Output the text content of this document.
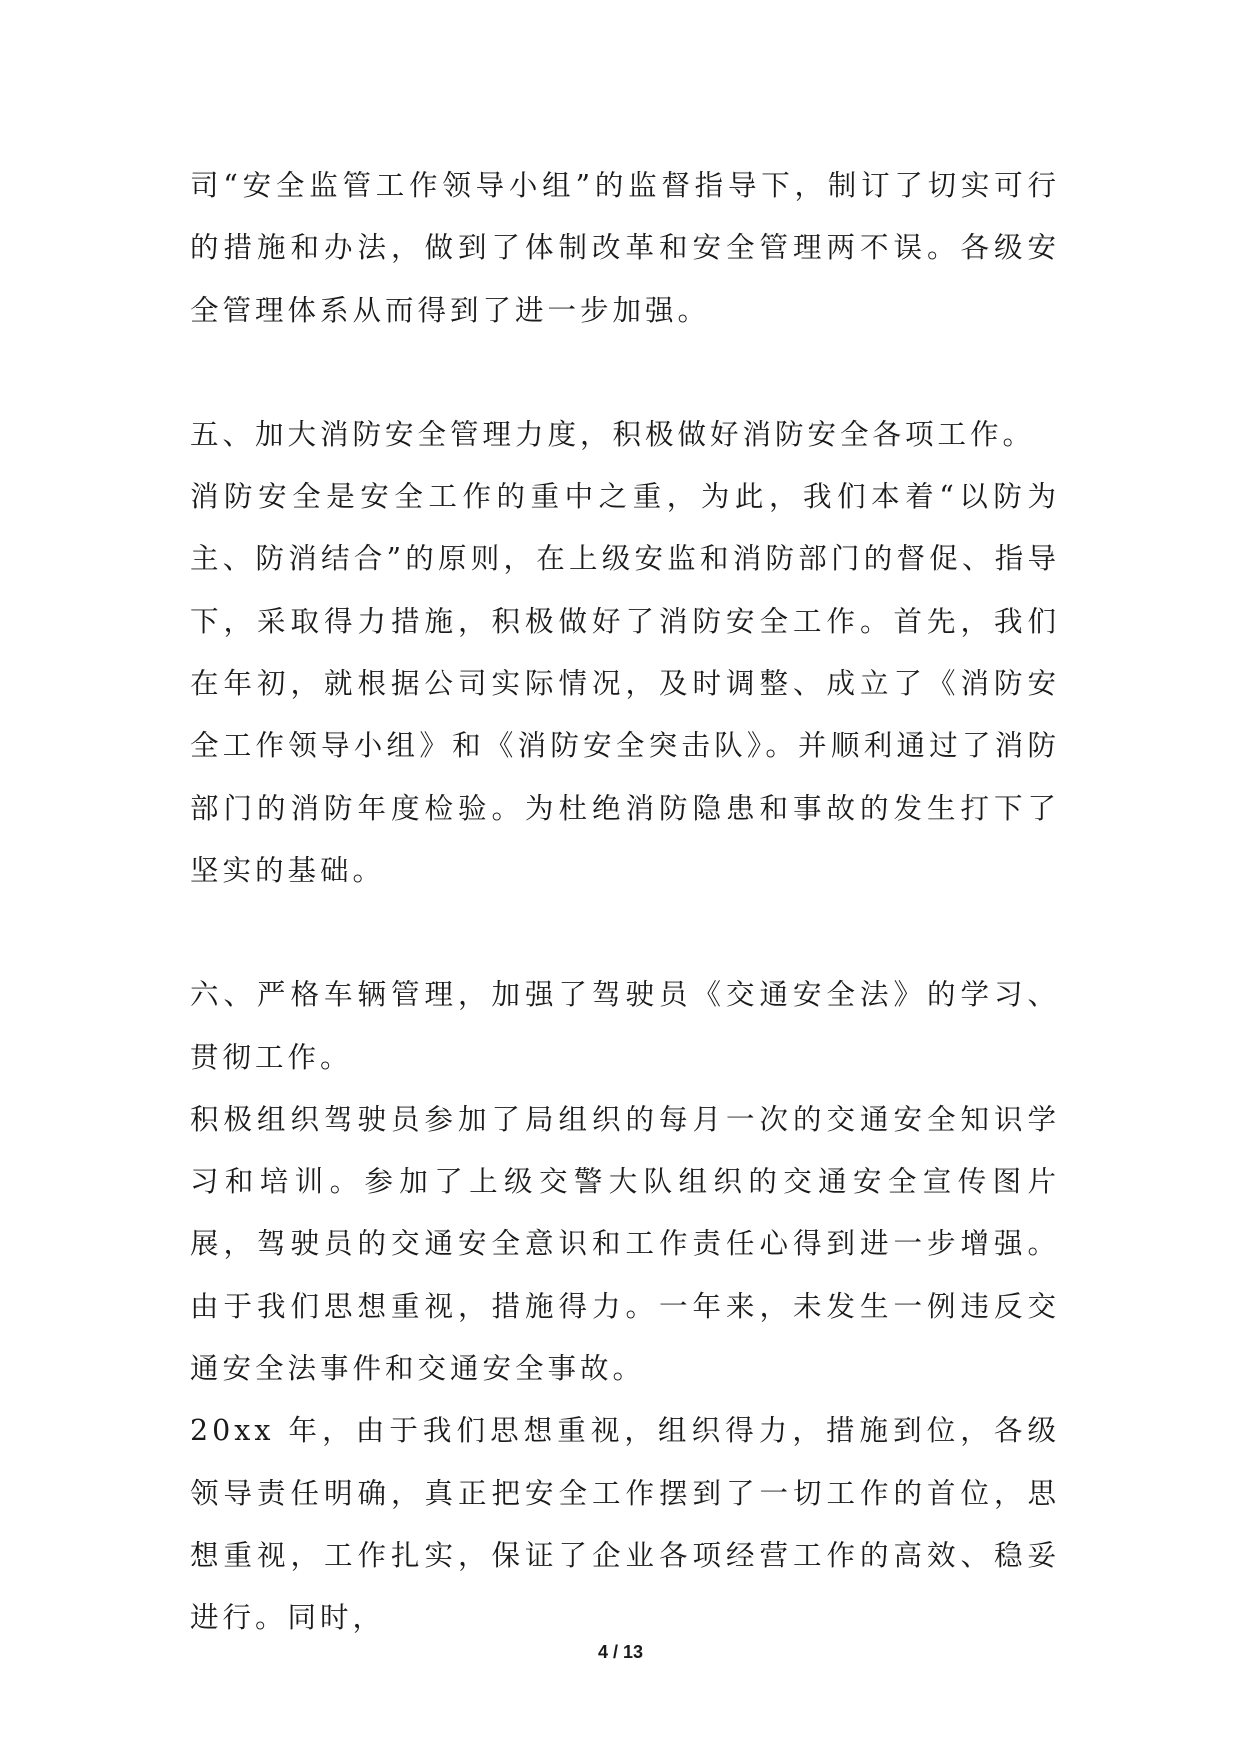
司“安全监管工作领导小组”的监督指导下，制订了切实可行的措施和办法，做到了体制改革和安全管理两不误。各级安全管理体系从而得到了进一步加强。

五、加大消防安全管理力度，积极做好消防安全各项工作。

消防安全是安全工作的重中之重，为此，我们本着“以防为主、防消结合”的原则，在上级安监和消防部门的督促、指导下，采取得力措施，积极做好了消防安全工作。首先，我们在年初，就根据公司实际情况，及时调整、成立了《消防安全工作领导小组》和《消防安全突击队》。并顺利通过了消防部门的消防年度检验。为杜绝消防隐患和事故的发生打下了坚实的基础。

六、严格车辆管理，加强了驾驶员《交通安全法》的学习、贯彻工作。

积极组织驾驶员参加了局组织的每月一次的交通安全知识学习和培训。参加了上级交警大队组织的交通安全宣传图片展，驾驶员的交通安全意识和工作责任心得到进一步增强。由于我们思想重视，措施得力。一年来，未发生一例违反交通安全法事件和交通安全事故。

20xx 年，由于我们思想重视，组织得力，措施到位，各级领导责任明确，真正把安全工作摆到了一切工作的首位，思想重视，工作扎实，保证了企业各项经营工作的高效、稳妥进行。同时，

4 / 13
